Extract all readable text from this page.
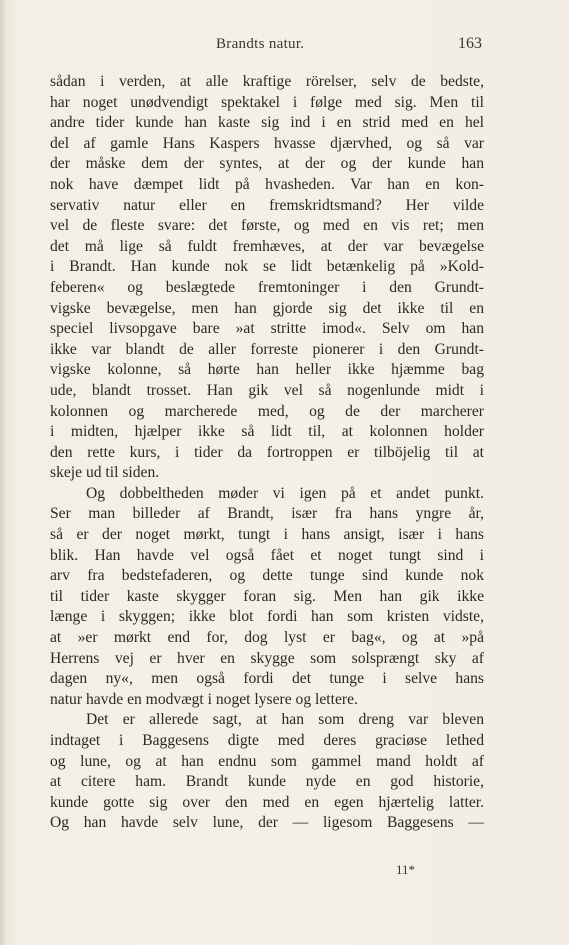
Brandts natur.	163
sådan i verden, at alle kraftige rörelser, selv de bedste,
har noget unødvendigt spektakel i følge med sig. Men til
andre tider kunde han kaste sig ind i en strid med en hel
del af gamle Hans Kaspers hvasse djærvhed, og så var
der måske dem der syntes, at der og der kunde han
nok have dæmpet lidt på hvasheden. Var han en kon-
servativ natur eller en fremskridtsmand? Her vilde
vel de fleste svare: det første, og med en vis ret; men
det må lige så fuldt fremhæves, at der var bevægelse
i Brandt. Han kunde nok se lidt betænkelig på »Kold-
feberen« og beslægtede fremtoninger i den Grundt-
vigske bevægelse, men han gjorde sig det ikke til en
speciel livsopgave bare »at stritte imod«. Selv om han
ikke var blandt de aller forreste pionerer i den Grundt-
vigske kolonne, så hørte han heller ikke hjæmme bag
ude, blandt trosset. Han gik vel så nogenlunde midt i
kolonnen og marcherede med, og de der marcherer
i midten, hjælper ikke så lidt til, at kolonnen holder
den rette kurs, i tider da fortroppen er tilböjelig til at
skeje ud til siden.
Og dobbeltheden møder vi igen på et andet punkt.
Ser man billeder af Brandt, især fra hans yngre år,
så er der noget mørkt, tungt i hans ansigt, især i hans
blik. Han havde vel også fået et noget tungt sind i
arv fra bedstefaderen, og dette tunge sind kunde nok
til tider kaste skygger foran sig. Men han gik ikke
længe i skyggen; ikke blot fordi han som kristen vidste,
at »er mørkt end for, dog lyst er bag«, og at »på
Herrens vej er hver en skygge som solsprængt sky af
dagen ny«, men også fordi det tunge i selve hans
natur havde en modvægt i noget lysere og lettere.
Det er allerede sagt, at han som dreng var bleven
indtaget i Baggesens digte med deres graciøse lethed
og lune, og at han endnu som gammel mand holdt af
at citere ham. Brandt kunde nyde en god historie,
kunde gotte sig over den med en egen hjærtelig latter.
Og han havde selv lune, der — ligesom Baggesens —
11*
